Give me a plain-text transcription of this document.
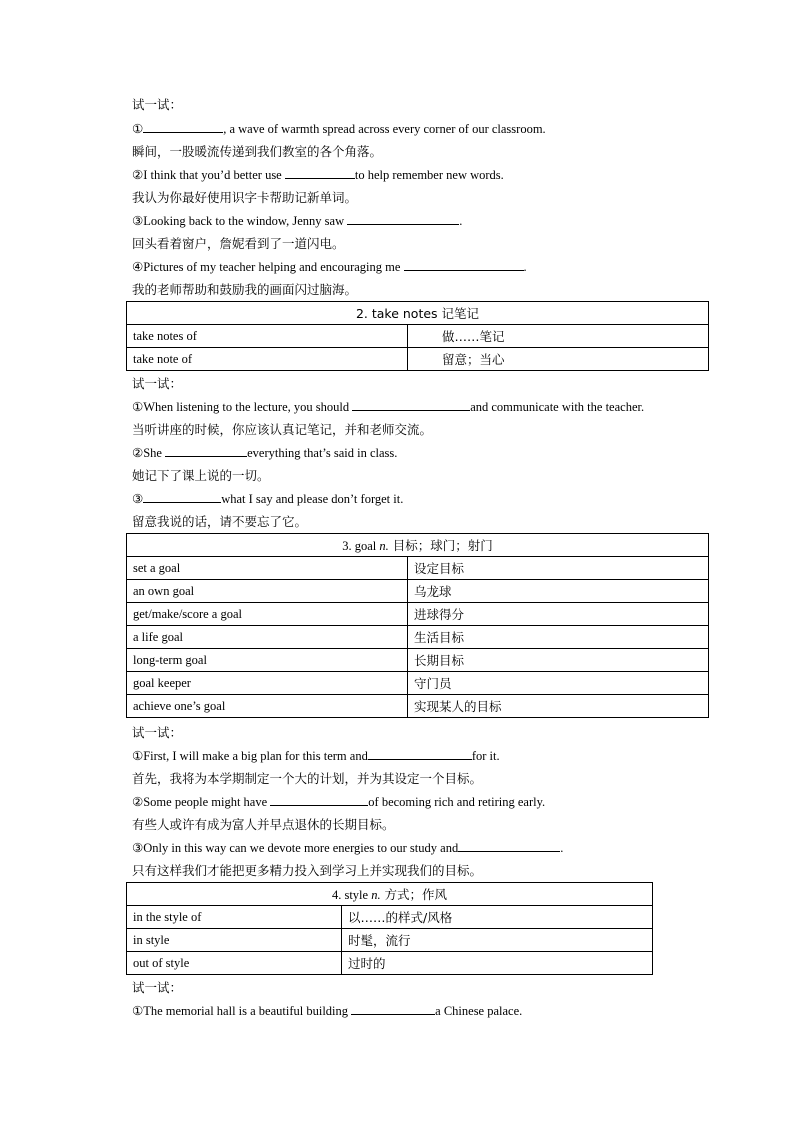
试一试：
①	, a wave of warmth spread across every corner of our classroom.
瞬间，一股暖流传递到我们教室的各个角落。
②I think that you’d better use	to help remember new words.
我认为你最好使用识字卡帮助记新单词。
③Looking back to the window, Jenny saw	.
回头看着窗户，詹妮看到了一道闪电。
④Pictures of my teacher helping and encouraging me	.
我的老师帮助和鼓励我的画面闪过脑海。
2. take notes 记笔记	
take notes of	做……笔记
take note of	留意；当心
试一试：
①When listening to the lecture, you should	and communicate with the teacher.
当听讲座的时候，你应该认真记笔记，并和老师交流。
②She	everything that’s said in class.
她记下了课上说的一切。
③	what I say and please don’t forget it.
留意我说的话，请不要忘了它。
3. goal n. 目标；球门；射门	
set a goal	设定目标
an own goal	乌龙球
get/make/score a goal	进球得分
a life goal	生活目标
long-term goal	长期目标
goal keeper	守门员
achieve one’s goal	实现某人的目标
试一试：
①First, I will make a big plan for this term and	for it.
首先，我将为本学期制定一个大的计划，并为其设定一个目标。
②Some people might have	of becoming rich and retiring early.
有些人或许有成为富人并早点退休的长期目标。
③Only in this way can we devote more energies to our study and	.
只有这样我们才能把更多精力投入到学习上并实现我们的目标。
4. style n. 方式；作风	
in the style of	以……的样式/风格
in style	时髦，流行
out of style	过时的
试一试：
①The memorial hall is a beautiful building	a Chinese palace.
